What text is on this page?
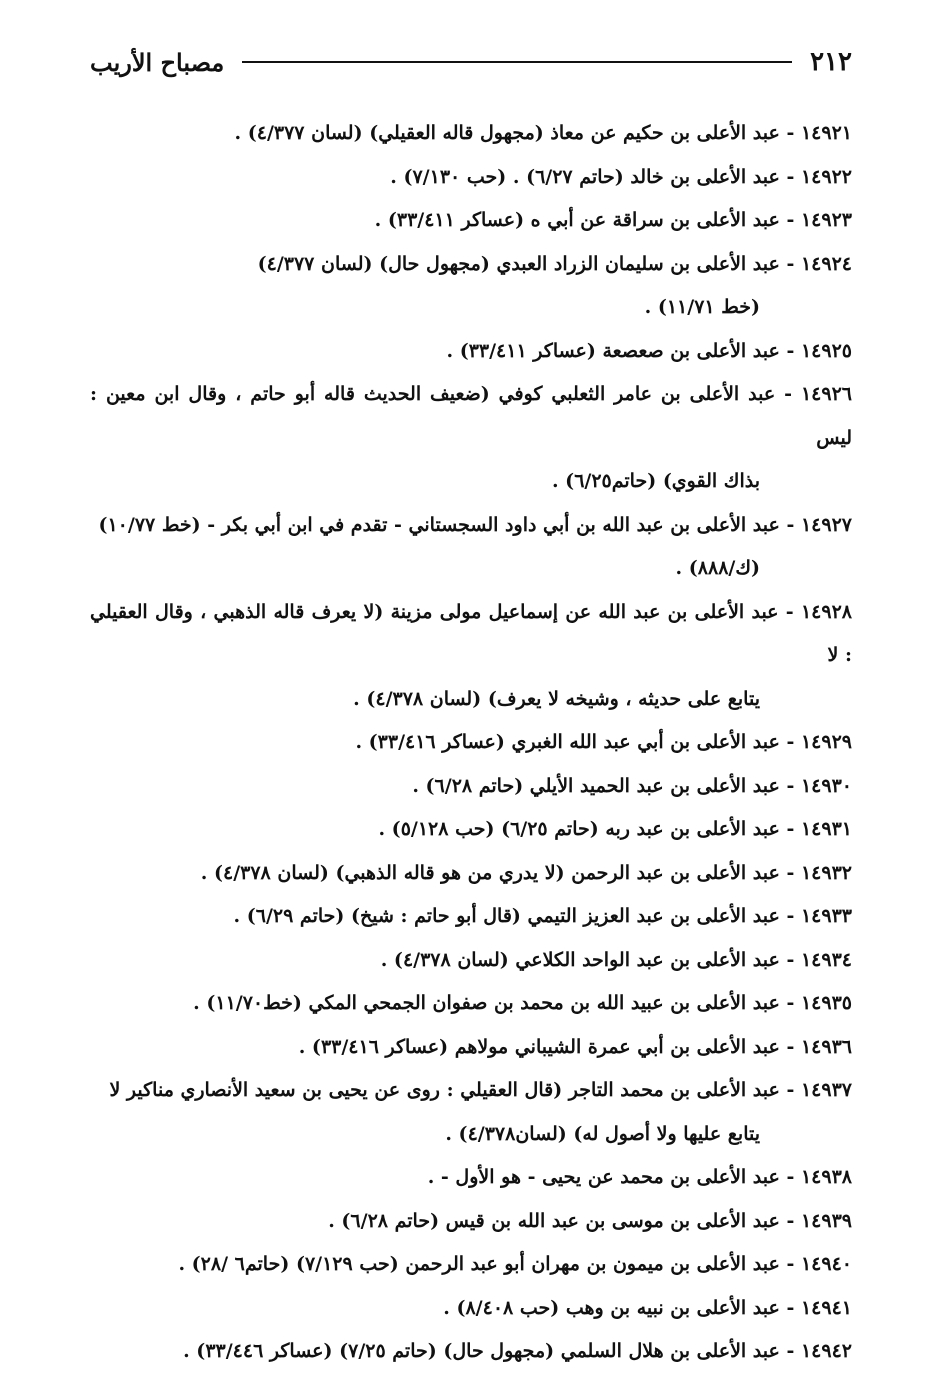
٢١٢
مصباح الأريب
١٤٩٢١ - عبد الأعلى بن حكيم عن معاذ (مجهول قاله العقيلي) (لسان ٤/٣٧٧) .
١٤٩٢٢ - عبد الأعلى بن خالد (حاتم ٦/٢٧) . (حب ٧/١٣٠) .
١٤٩٢٣ - عبد الأعلى بن سراقة عن أبي ه (عساكر ٣٣/٤١١) .
١٤٩٢٤ - عبد الأعلى بن سليمان الزراد العبدي (مجهول حال) (لسان ٤/٣٧٧)
(خط ١١/٧١) .
١٤٩٢٥ - عبد الأعلى بن صعصعة (عساكر ٣٣/٤١١) .
١٤٩٢٦ - عبد الأعلى بن عامر الثعلبي كوفي (ضعيف الحديث قاله أبو حاتم ، وقال ابن معين : ليس
بذاك القوي) (حاتم٦/٢٥) .
١٤٩٢٧ - عبد الأعلى بن عبد الله بن أبي داود السجستاني - تقدم في ابن أبي بكر - (خط ١٠/٧٧)
(ك/٨٨٨) .
١٤٩٢٨ - عبد الأعلى بن عبد الله عن إسماعيل مولى مزينة (لا يعرف قاله الذهبي ، وقال العقيلي : لا
يتابع على حديثه ، وشيخه لا يعرف) (لسان ٤/٣٧٨) .
١٤٩٢٩ - عبد الأعلى بن أبي عبد الله الغبري (عساكر ٣٣/٤١٦) .
١٤٩٣٠ - عبد الأعلى بن عبد الحميد الأيلي (حاتم ٦/٢٨) .
١٤٩٣١ - عبد الأعلى بن عبد ربه (حاتم ٦/٢٥) (حب ٥/١٢٨) .
١٤٩٣٢ - عبد الأعلى بن عبد الرحمن (لا يدري من هو قاله الذهبي) (لسان ٤/٣٧٨) .
١٤٩٣٣ - عبد الأعلى بن عبد العزيز التيمي (قال أبو حاتم : شيخ) (حاتم ٦/٢٩) .
١٤٩٣٤ - عبد الأعلى بن عبد الواحد الكلاعي (لسان ٤/٣٧٨) .
١٤٩٣٥ - عبد الأعلى بن عبيد الله بن محمد بن صفوان الجمحي المكي (خط١١/٧٠) .
١٤٩٣٦ - عبد الأعلى بن أبي عمرة الشيباني مولاهم (عساكر ٣٣/٤١٦) .
١٤٩٣٧ - عبد الأعلى بن محمد التاجر (قال العقيلي : روى عن يحيى بن سعيد الأنصاري مناكير لا
يتابع عليها ولا أصول له) (لسان٤/٣٧٨) .
١٤٩٣٨ - عبد الأعلى بن محمد عن يحيى - هو الأول - .
١٤٩٣٩ - عبد الأعلى بن موسى بن عبد الله بن قيس (حاتم ٦/٢٨) .
١٤٩٤٠ - عبد الأعلى بن ميمون بن مهران أبو عبد الرحمن (حب ٧/١٢٩) (حاتم٦ /٢٨) .
١٤٩٤١ - عبد الأعلى بن نبيه بن وهب (حب ٨/٤٠٨) .
١٤٩٤٢ - عبد الأعلى بن هلال السلمي (مجهول حال) (حاتم ٧/٢٥) (عساكر ٣٣/٤٤٦) .
